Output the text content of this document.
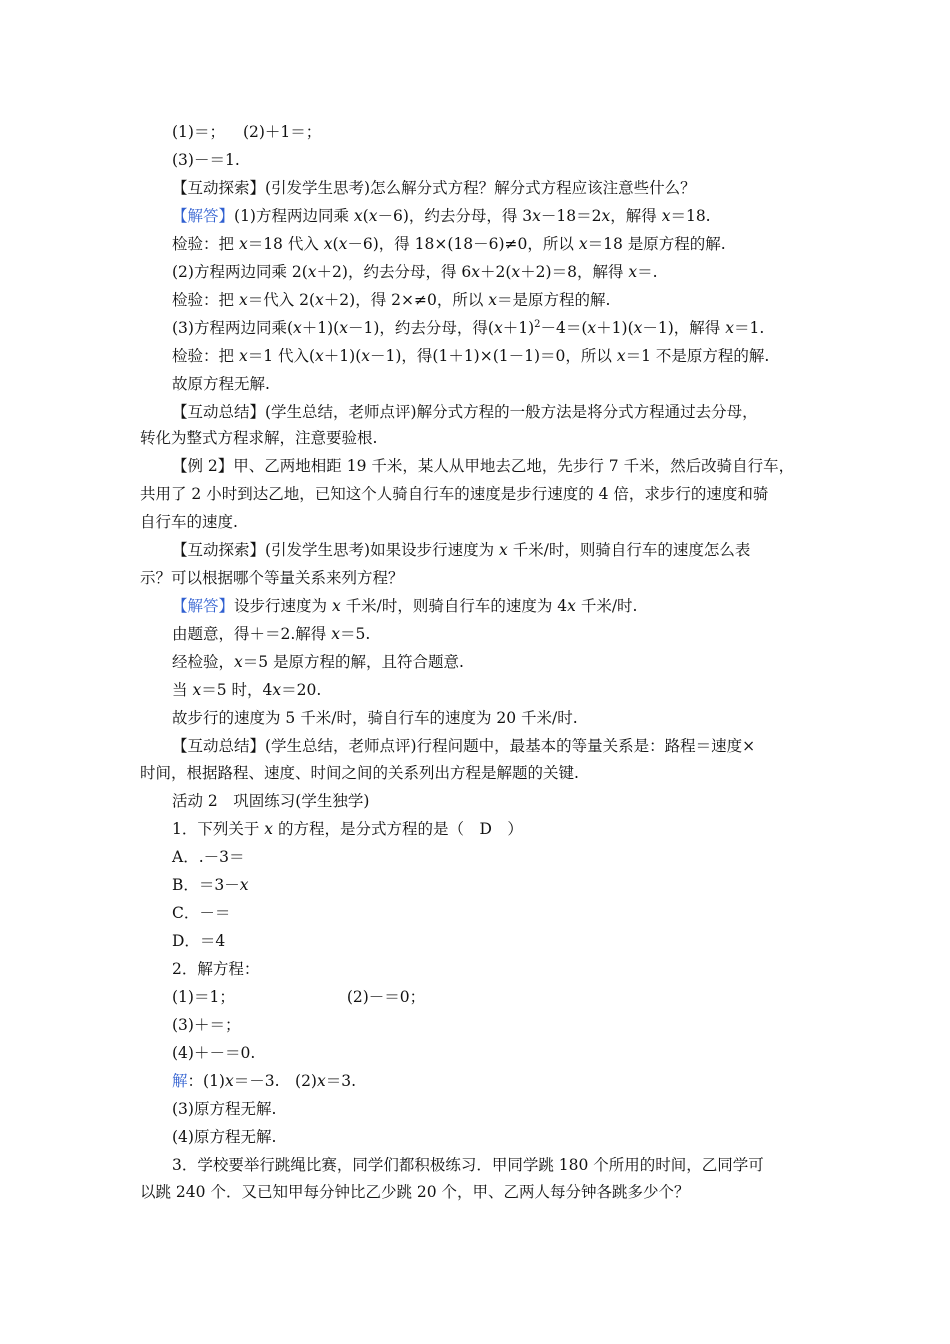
(1)＝； (2)＋1＝；
(3)－＝1.
【互动探索】(引发学生思考)怎么解分式方程？解分式方程应该注意些什么？
【解答】(1)方程两边同乘 x(x－6)，约去分母，得 3x－18＝2x，解得 x＝18.
检验：把 x＝18 代入 x(x－6)，得 18×(18－6)≠0，所以 x＝18 是原方程的解.
(2)方程两边同乘 2(x＋2)，约去分母，得 6x＋2(x＋2)＝8，解得 x＝.
检验：把 x＝代入 2(x＋2)，得 2×≠0，所以 x＝是原方程的解.
(3)方程两边同乘(x＋1)(x－1)，约去分母，得$(x+1)^2-4=(x+1)(x-1)$，解得 x＝1.
检验：把 x＝1 代入(x＋1)(x－1)，得(1＋1)×(1－1)＝0，所以 x＝1 不是原方程的解.
故原方程无解.
【互动总结】(学生总结，老师点评)解分式方程的一般方法是将分式方程通过去分母，
转化为整式方程求解，注意要验根.
【例 2】甲、乙两地相距 19 千米，某人从甲地去乙地，先步行 7 千米，然后改骑自行车，
共用了 2 小时到达乙地，已知这个人骑自行车的速度是步行速度的 4 倍，求步行的速度和骑
自行车的速度.
【互动探索】(引发学生思考)如果设步行速度为 x 千米/时，则骑自行车的速度怎么表
示？可以根据哪个等量关系来列方程？
【解答】设步行速度为 x 千米/时，则骑自行车的速度为 4x 千米/时.
由题意，得＋＝2.解得 x＝5.
经检验，x＝5 是原方程的解，且符合题意.
当 x＝5 时，4x＝20.
故步行的速度为 5 千米/时，骑自行车的速度为 20 千米/时.
【互动总结】(学生总结，老师点评)行程问题中，最基本的等量关系是：路程＝速度×
时间，根据路程、速度、时间之间的关系列出方程是解题的关键.
活动 2　巩固练习(学生独学)
1．下列关于 x 的方程，是分式方程的是（　D　）
A．.－3＝
B．＝3－x
C．－＝
D．＝4
2．解方程：
(1)＝1；	(2)－＝0；
(3)＋＝；
(4)＋－＝0.
解：(1)x＝－3.　(2)x＝3.
(3)原方程无解.
(4)原方程无解.
3．学校要举行跳绳比赛，同学们都积极练习．甲同学跳 180 个所用的时间，乙同学可
以跳 240 个．又已知甲每分钟比乙少跳 20 个，甲、乙两人每分钟各跳多少个？
